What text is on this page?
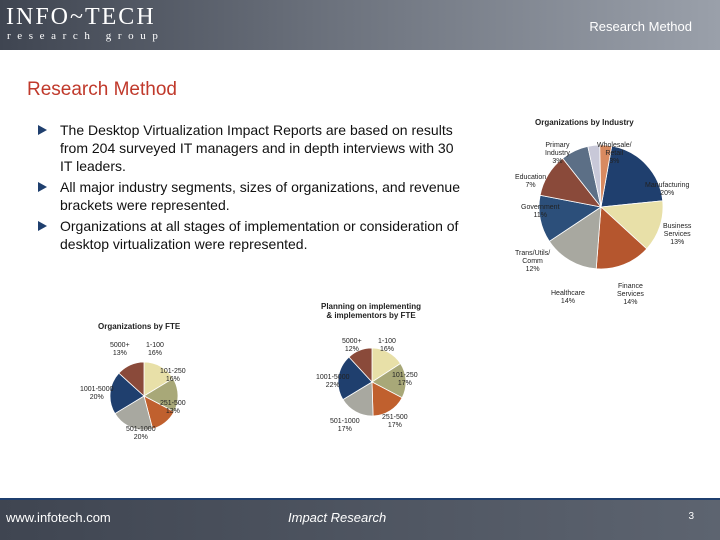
INFO~TECH
research group
Research Method
Research Method
The Desktop Virtualization Impact Reports are based on results from 204 surveyed IT managers and in depth interviews with 30 IT leaders.
All major industry segments, sizes of organizations, and revenue brackets were represented.
Organizations at all stages of implementation or consideration of desktop virtualization were represented.
Organizations by Industry
Manufacturing
20%
Business
Services
13%
Finance
Services
14%
Healthcare
14%
Trans/Utils/
Comm
12%
Government
11%
Education
7%
Primary
Industry
3%
Wholesale/
Retail
3%
Organizations by FTE
5000+
13%
1-100
16%
101-250
16%
251-500
13%
501-1000
20%
1001-5000
20%
Planning on implementing
& implementors by FTE
5000+
12%
1-100
16%
101-250
17%
251-500
17%
501-1000
17%
1001-5000
22%
www.infotech.com	Impact Research	3
